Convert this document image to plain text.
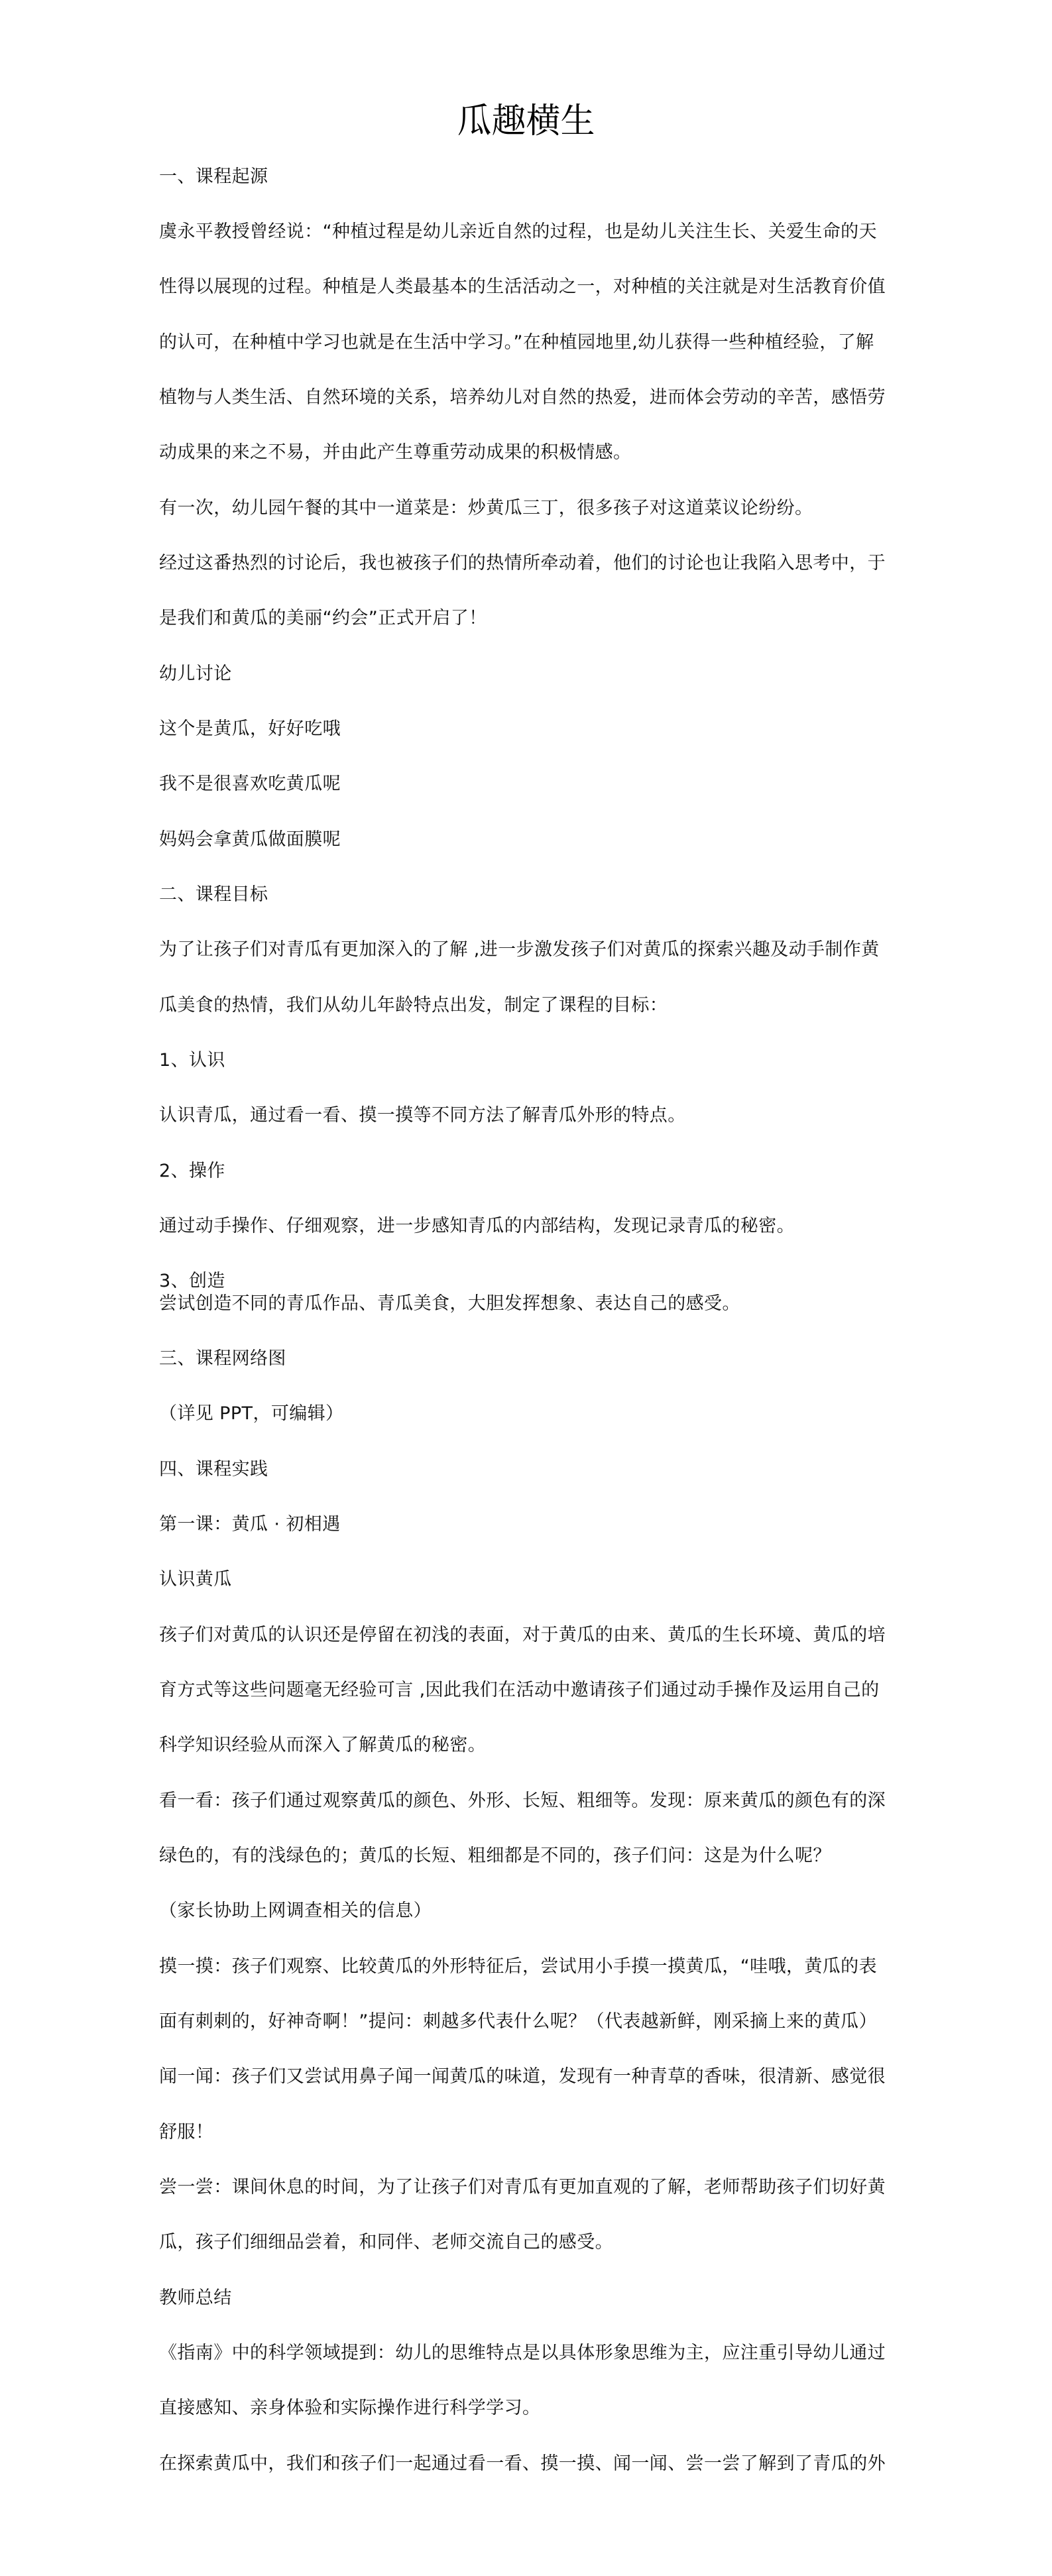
瓜趣横生

一、课程起源

虞永平教授曾经说：“种植过程是幼儿亲近自然的过程，也是幼儿关注生长、关爱生命的天

性得以展现的过程。种植是人类最基本的生活活动之一，对种植的关注就是对生活教育价值

的认可，在种植中学习也就是在生活中学习。”在种植园地里,幼儿获得一些种植经验，了解

植物与人类生活、自然环境的关系，培养幼儿对自然的热爱，进而体会劳动的辛苦，感悟劳

动成果的来之不易，并由此产生尊重劳动成果的积极情感。

有一次，幼儿园午餐的其中一道菜是：炒黄瓜三丁，很多孩子对这道菜议论纷纷。

经过这番热烈的讨论后，我也被孩子们的热情所牵动着，他们的讨论也让我陷入思考中，于

是我们和黄瓜的美丽“约会”正式开启了！

幼儿讨论

这个是黄瓜，好好吃哦

我不是很喜欢吃黄瓜呢

妈妈会拿黄瓜做面膜呢

二、课程目标

为了让孩子们对青瓜有更加深入的了解 ,进一步激发孩子们对黄瓜的探索兴趣及动手制作黄

瓜美食的热情，我们从幼儿年龄特点出发，制定了课程的目标：

1、认识

认识青瓜，通过看一看、摸一摸等不同方法了解青瓜外形的特点。

2、操作

通过动手操作、仔细观察，进一步感知青瓜的内部结构，发现记录青瓜的秘密。

3、创造

尝试创造不同的青瓜作品、青瓜美食，大胆发挥想象、表达自己的感受。

三、课程网络图

（详见 PPT，可编辑）

四、课程实践

第一课：黄瓜 · 初相遇

认识黄瓜

孩子们对黄瓜的认识还是停留在初浅的表面，对于黄瓜的由来、黄瓜的生长环境、黄瓜的培

育方式等这些问题毫无经验可言 ,因此我们在活动中邀请孩子们通过动手操作及运用自己的

科学知识经验从而深入了解黄瓜的秘密。

看一看：孩子们通过观察黄瓜的颜色、外形、长短、粗细等。发现：原来黄瓜的颜色有的深

绿色的，有的浅绿色的；黄瓜的长短、粗细都是不同的，孩子们问：这是为什么呢？

（家长协助上网调查相关的信息）

摸一摸：孩子们观察、比较黄瓜的外形特征后，尝试用小手摸一摸黄瓜，“哇哦，黄瓜的表

面有刺刺的，好神奇啊！”提问：刺越多代表什么呢？（代表越新鲜，刚采摘上来的黄瓜）

闻一闻：孩子们又尝试用鼻子闻一闻黄瓜的味道，发现有一种青草的香味，很清新、感觉很

舒服！

尝一尝：课间休息的时间，为了让孩子们对青瓜有更加直观的了解，老师帮助孩子们切好黄

瓜，孩子们细细品尝着，和同伴、老师交流自己的感受。

教师总结

《指南》中的科学领域提到：幼儿的思维特点是以具体形象思维为主，应注重引导幼儿通过

直接感知、亲身体验和实际操作进行科学学习。

在探索黄瓜中，我们和孩子们一起通过看一看、摸一摸、闻一闻、尝一尝了解到了青瓜的外
